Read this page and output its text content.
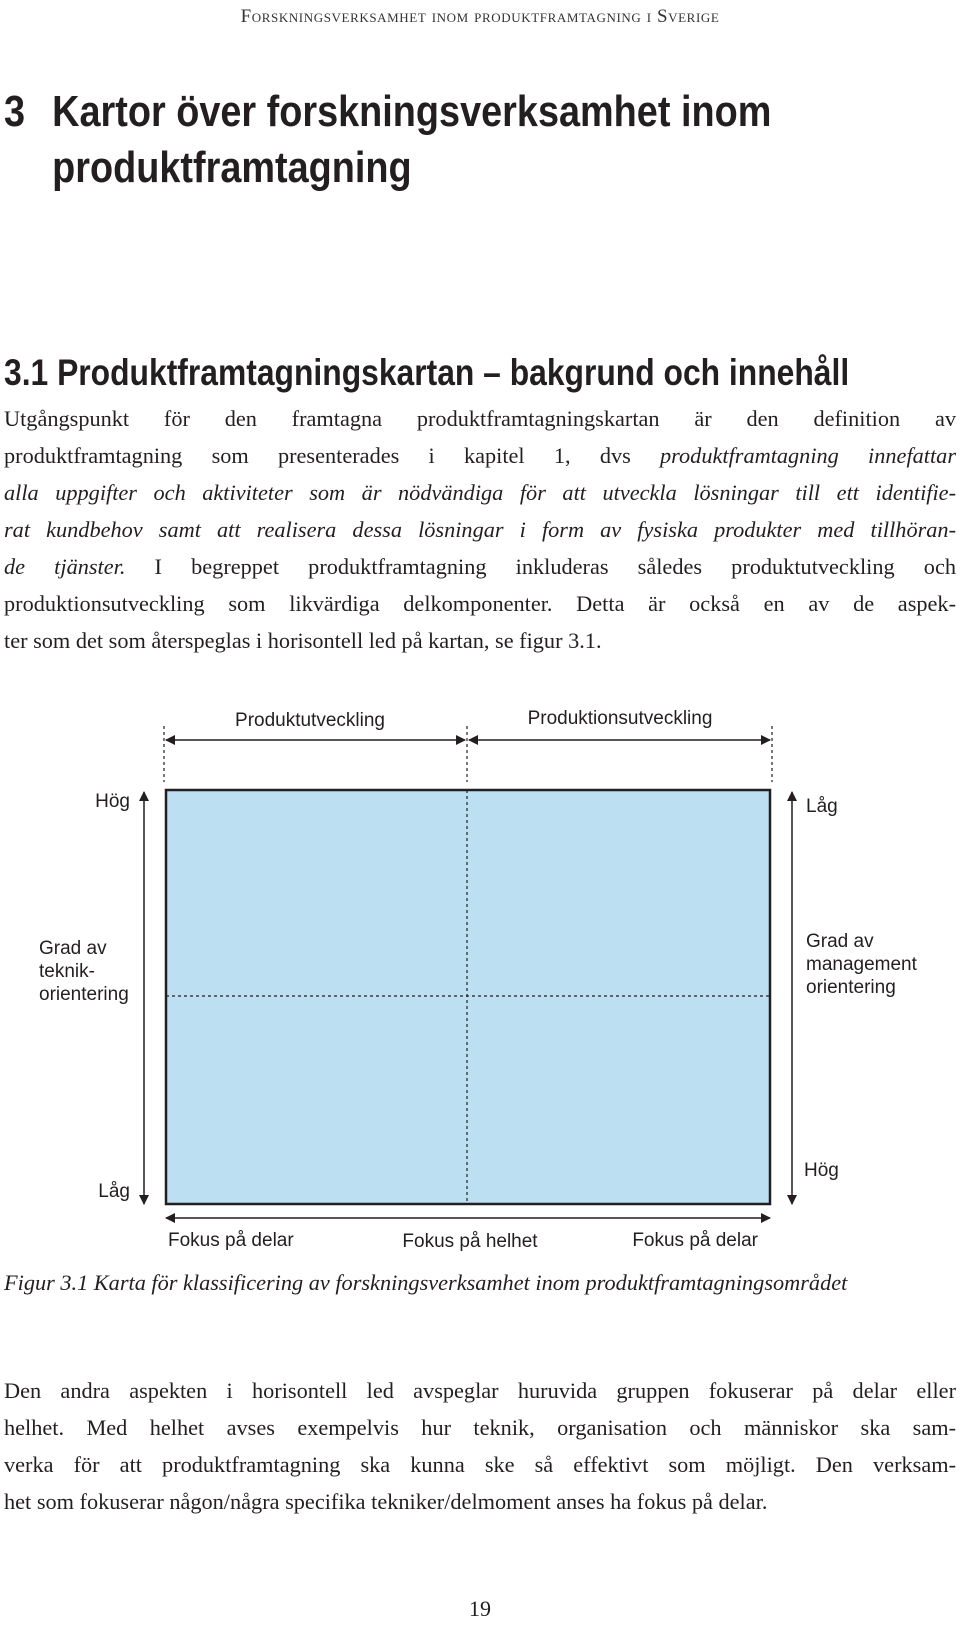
Forskningsverksamhet inom produktframtagning i Sverige
3 Kartor över forskningsverksamhet inom
produktframtagning
3.1 Produktframtagningskartan – bakgrund och innehåll
Utgångspunkt för den framtagna produktframtagningskartan är den definition av
produktframtagning som presenterades i kapitel 1, dvs produktframtagning innefattar
alla uppgifter och aktiviteter som är nödvändiga för att utveckla lösningar till ett identifie-
rat kundbehov samt att realisera dessa lösningar i form av fysiska produkter med tillhöran-
de tjänster. I begreppet produktframtagning inkluderas således produktutveckling och
produktionsutveckling som likvärdiga delkomponenter. Detta är också en av de aspek-
ter som det som återspeglas i horisontell led på kartan, se figur 3.1.
Produktutveckling	Produktionsutveckling
Hög
Låg
Grad av teknik- orientering
Låg
Hög
Grad av management orientering
Fokus på delar	Fokus på helhet	Fokus på delar
Figur 3.1 Karta för klassificering av forskningsverksamhet inom produktframtagningsområdet
Den andra aspekten i horisontell led avspeglar huruvida gruppen fokuserar på delar eller
helhet. Med helhet avses exempelvis hur teknik, organisation och människor ska sam-
verka för att produktframtagning ska kunna ske så effektivt som möjligt. Den verksam-
het som fokuserar någon/några specifika tekniker/delmoment anses ha fokus på delar.
19
